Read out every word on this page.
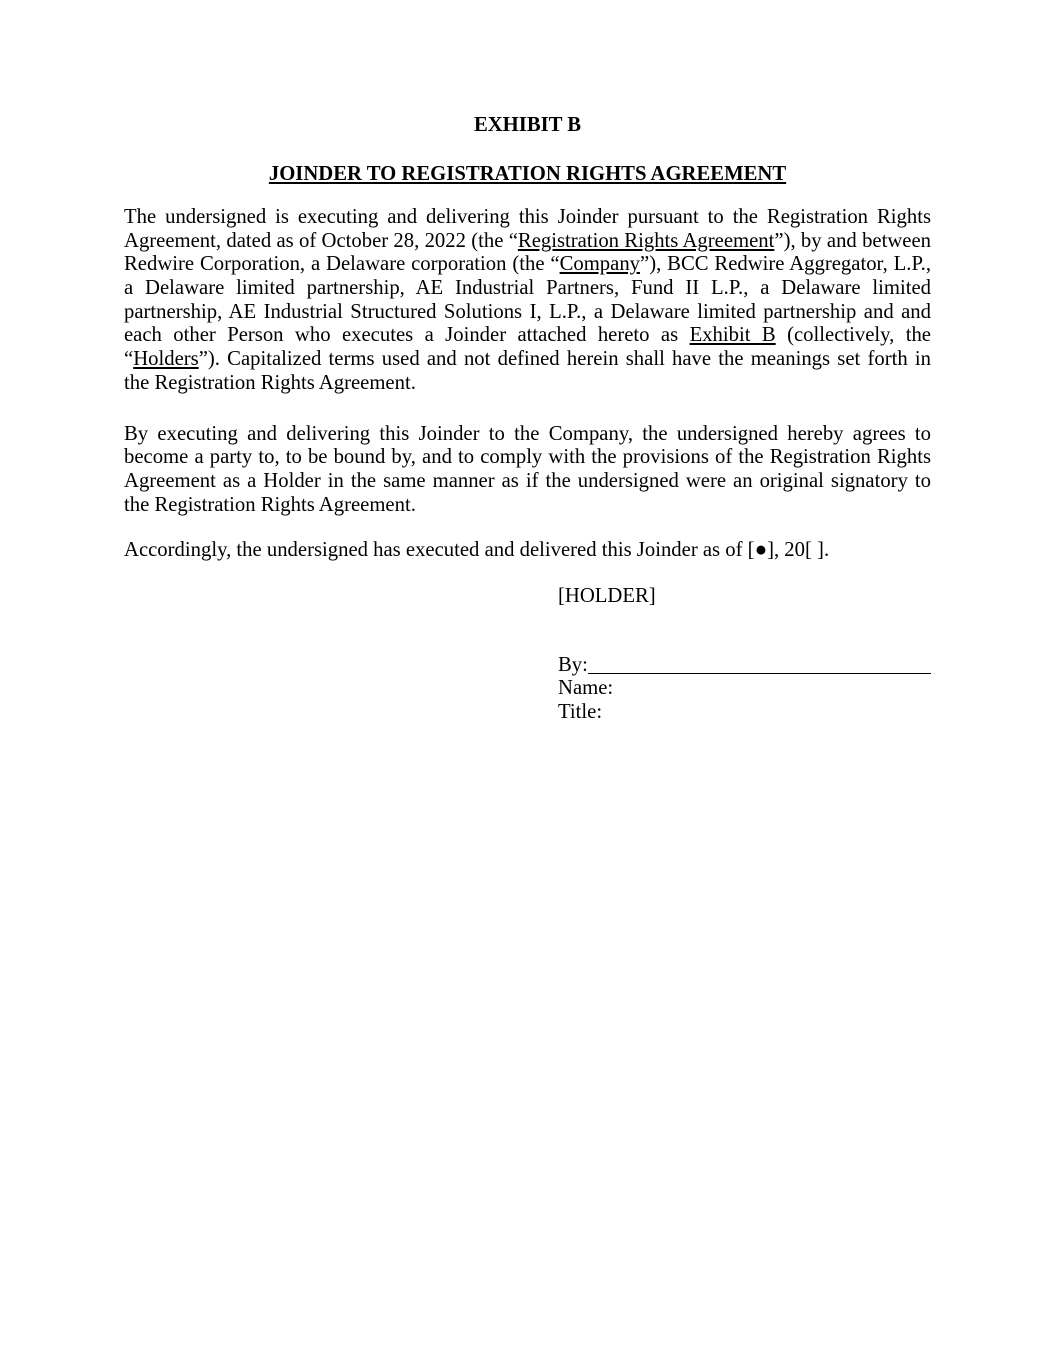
EXHIBIT B

JOINDER TO REGISTRATION RIGHTS AGREEMENT

The undersigned is executing and delivering this Joinder pursuant to the Registration Rights Agreement, dated as of October 28, 2022 (the “Registration Rights Agreement”), by and between Redwire Corporation, a Delaware corporation (the “Company”), BCC Redwire Aggregator, L.P., a Delaware limited partnership, AE Industrial Partners, Fund II L.P., a Delaware limited partnership, AE Industrial Structured Solutions I, L.P., a Delaware limited partnership and and each other Person who executes a Joinder attached hereto as Exhibit B (collectively, the “Holders”). Capitalized terms used and not defined herein shall have the meanings set forth in the Registration Rights Agreement.

By executing and delivering this Joinder to the Company, the undersigned hereby agrees to become a party to, to be bound by, and to comply with the provisions of the Registration Rights Agreement as a Holder in the same manner as if the undersigned were an original signatory to the Registration Rights Agreement.

Accordingly, the undersigned has executed and delivered this Joinder as of [●], 20[ ].

[HOLDER]

By:

Name:

Title:
